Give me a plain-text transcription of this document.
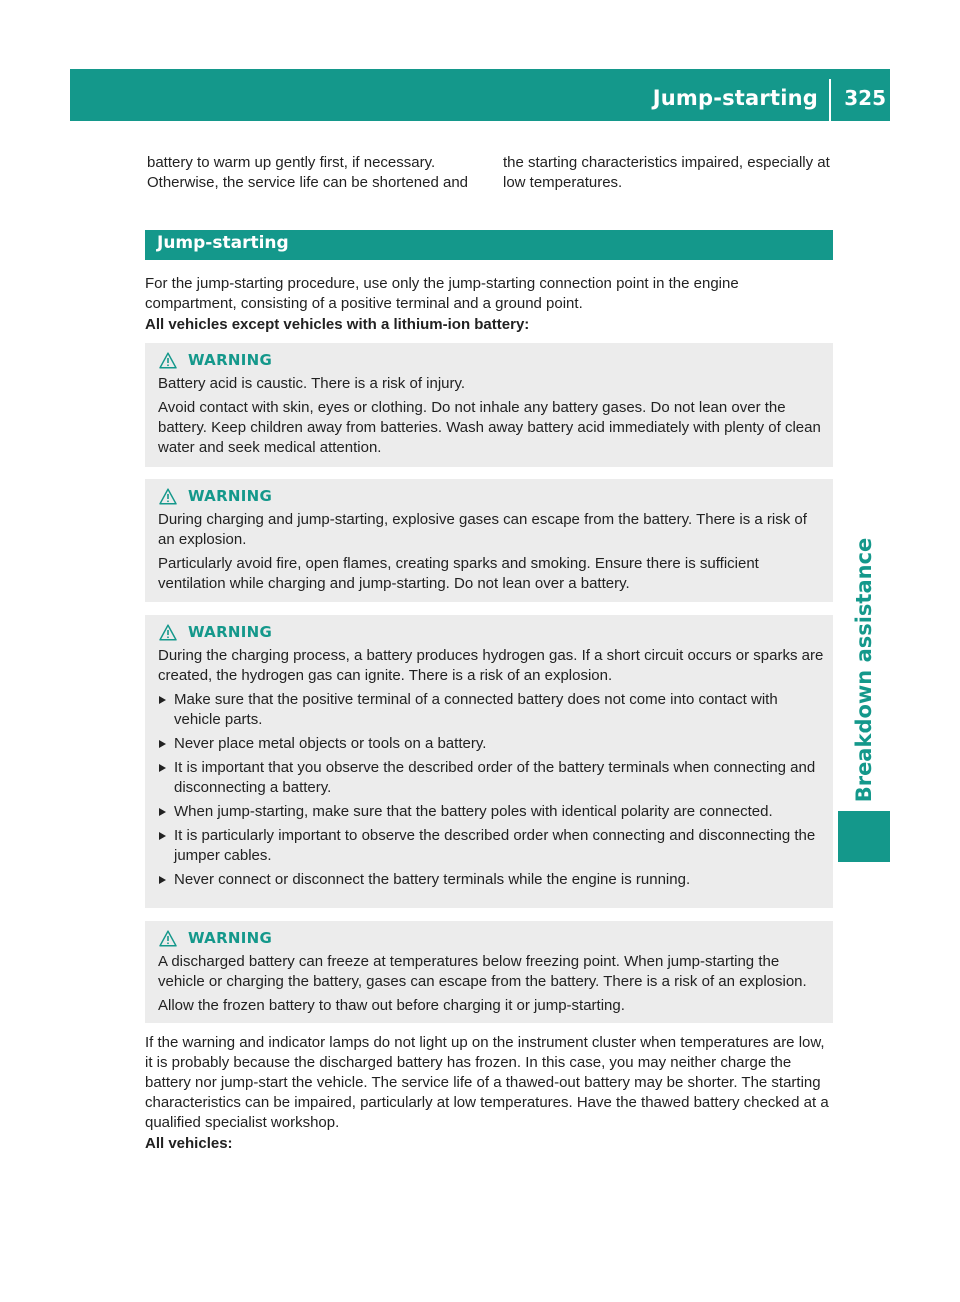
Jump-starting 325
Breakdown assistance
battery to warm up gently first, if necessary. Otherwise, the service life can be shortened and
the starting characteristics impaired, especially at low temperatures.
Jump-starting
For the jump-starting procedure, use only the jump-starting connection point in the engine compartment, consisting of a positive terminal and a ground point.
All vehicles except vehicles with a lithium-ion battery:
WARNING

Battery acid is caustic. There is a risk of injury.

Avoid contact with skin, eyes or clothing. Do not inhale any battery gases. Do not lean over the battery. Keep children away from batteries. Wash away battery acid immediately with plenty of clean water and seek medical attention.

WARNING

During charging and jump-starting, explosive gases can escape from the battery. There is a risk of an explosion.

Particularly avoid fire, open flames, creating sparks and smoking. Ensure there is sufficient ventilation while charging and jump-starting. Do not lean over a battery.

WARNING

During the charging process, a battery produces hydrogen gas. If a short circuit occurs or sparks are created, the hydrogen gas can ignite. There is a risk of an explosion.

Make sure that the positive terminal of a connected battery does not come into contact with vehicle parts.
Never place metal objects or tools on a battery.
It is important that you observe the described order of the battery terminals when connecting and disconnecting a battery.
When jump-starting, make sure that the battery poles with identical polarity are connected.
It is particularly important to observe the described order when connecting and disconnecting the jumper cables.
Never connect or disconnect the battery terminals while the engine is running.
WARNING

A discharged battery can freeze at temperatures below freezing point. When jump-starting the vehicle or charging the battery, gases can escape from the battery. There is a risk of an explosion.

Allow the frozen battery to thaw out before charging it or jump-starting.

If the warning and indicator lamps do not light up on the instrument cluster when temperatures are low, it is probably because the discharged battery has frozen. In this case, you may neither charge the battery nor jump-start the vehicle. The service life of a thawed-out battery may be shorter. The starting characteristics can be impaired, particularly at low temperatures. Have the thawed battery checked at a qualified specialist workshop.
All vehicles:
